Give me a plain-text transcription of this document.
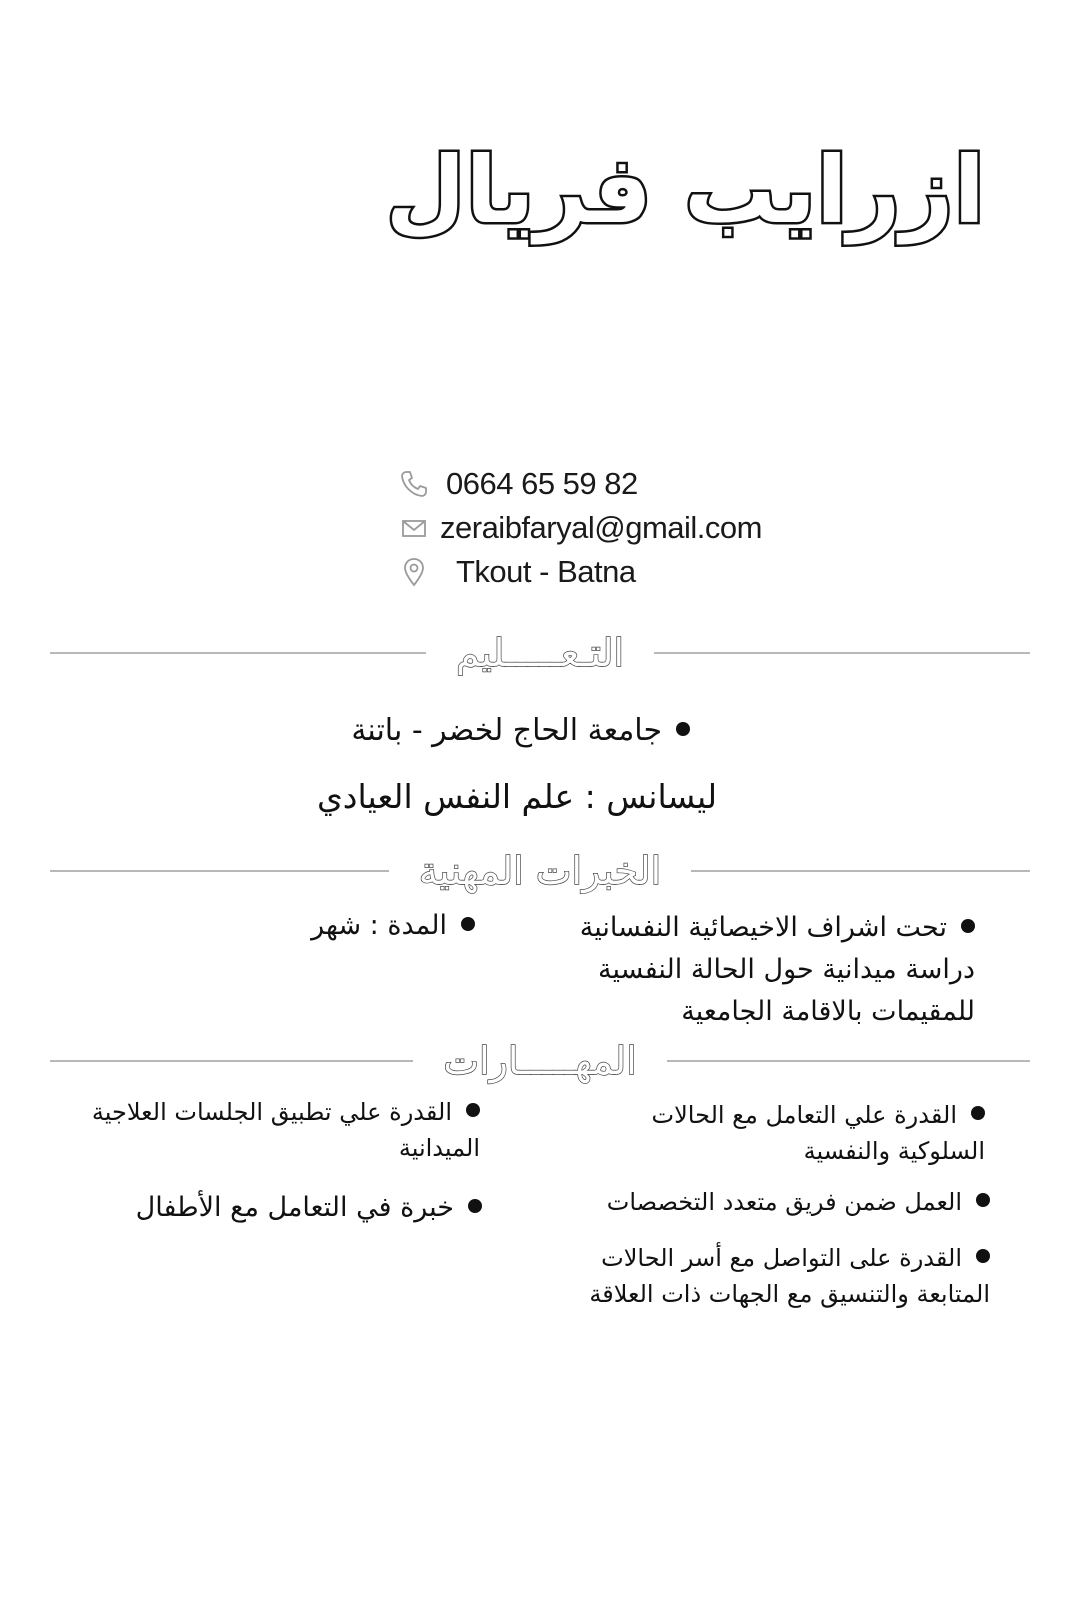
ازرايب فريال
0664 65 59 82
zeraibfaryal@gmail.com
Tkout - Batna
التـعـــــليم
جامعة الحاج لخضر - باتنة
ليسانس : علم النفس العيادي
الخبرات المهنية
تحت اشراف الاخيصائية النفسانية دراسة ميدانية حول الحالة النفسية للمقيمات بالاقامة الجامعية
المدة : شهر
المهـــــارات
القدرة علي التعامل مع الحالات السلوكية والنفسية
العمل ضمن فريق متعدد التخصصات
القدرة على التواصل مع أسر الحالات المتابعة والتنسيق مع الجهات ذات العلاقة
القدرة علي تطبيق الجلسات العلاجية الميدانية
خبرة في التعامل مع الأطفال
